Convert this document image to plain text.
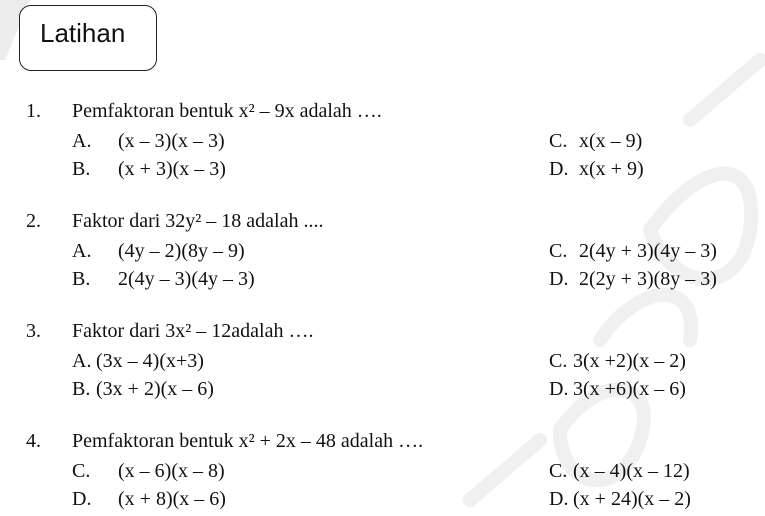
Latihan
1. Pemfaktoran bentuk x² – 9x adalah ….
A. (x – 3)(x – 3)
B. (x + 3)(x – 3)
C. x(x – 9)
D. x(x + 9)
2. Faktor dari 32y² – 18 adalah ....
A. (4y – 2)(8y – 9)
B. 2(4y – 3)(4y – 3)
C. 2(4y + 3)(4y – 3)
D. 2(2y + 3)(8y – 3)
3. Faktor dari 3x² – 12adalah ….
A. (3x – 4)(x+3)
B. (3x + 2)(x – 6)
C. 3(x +2)(x – 2)
D. 3(x +6)(x – 6)
4. Pemfaktoran bentuk x² + 2x – 48 adalah ….
C. (x – 6)(x – 8)
D. (x + 8)(x – 6)
C. (x – 4)(x – 12)
D. (x + 24)(x – 2)
